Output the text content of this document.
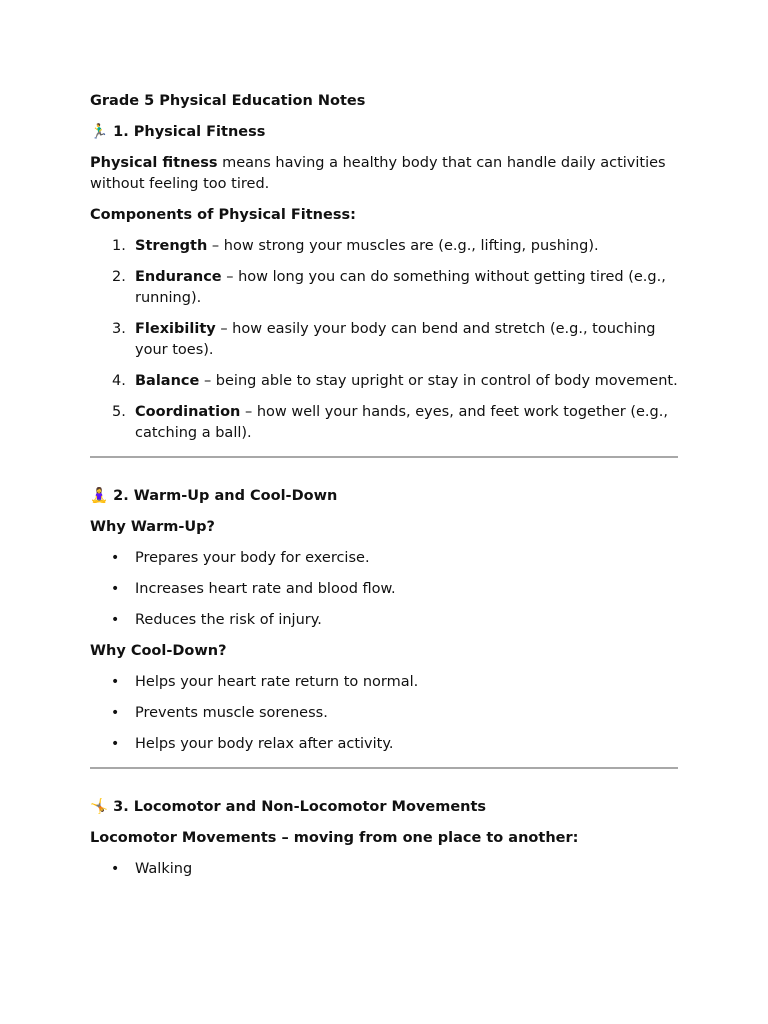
Grade 5 Physical Education Notes
🏃‍♂️ 1. Physical Fitness
Physical fitness means having a healthy body that can handle daily activities without feeling too tired.
Components of Physical Fitness:
1. Strength – how strong your muscles are (e.g., lifting, pushing).
2. Endurance – how long you can do something without getting tired (e.g., running).
3. Flexibility – how easily your body can bend and stretch (e.g., touching your toes).
4. Balance – being able to stay upright or stay in control of body movement.
5. Coordination – how well your hands, eyes, and feet work together (e.g., catching a ball).
🧘‍♀️ 2. Warm-Up and Cool-Down
Why Warm-Up?
• Prepares your body for exercise.
• Increases heart rate and blood flow.
• Reduces the risk of injury.
Why Cool-Down?
• Helps your heart rate return to normal.
• Prevents muscle soreness.
• Helps your body relax after activity.
🤸 3. Locomotor and Non-Locomotor Movements
Locomotor Movements – moving from one place to another:
• Walking
